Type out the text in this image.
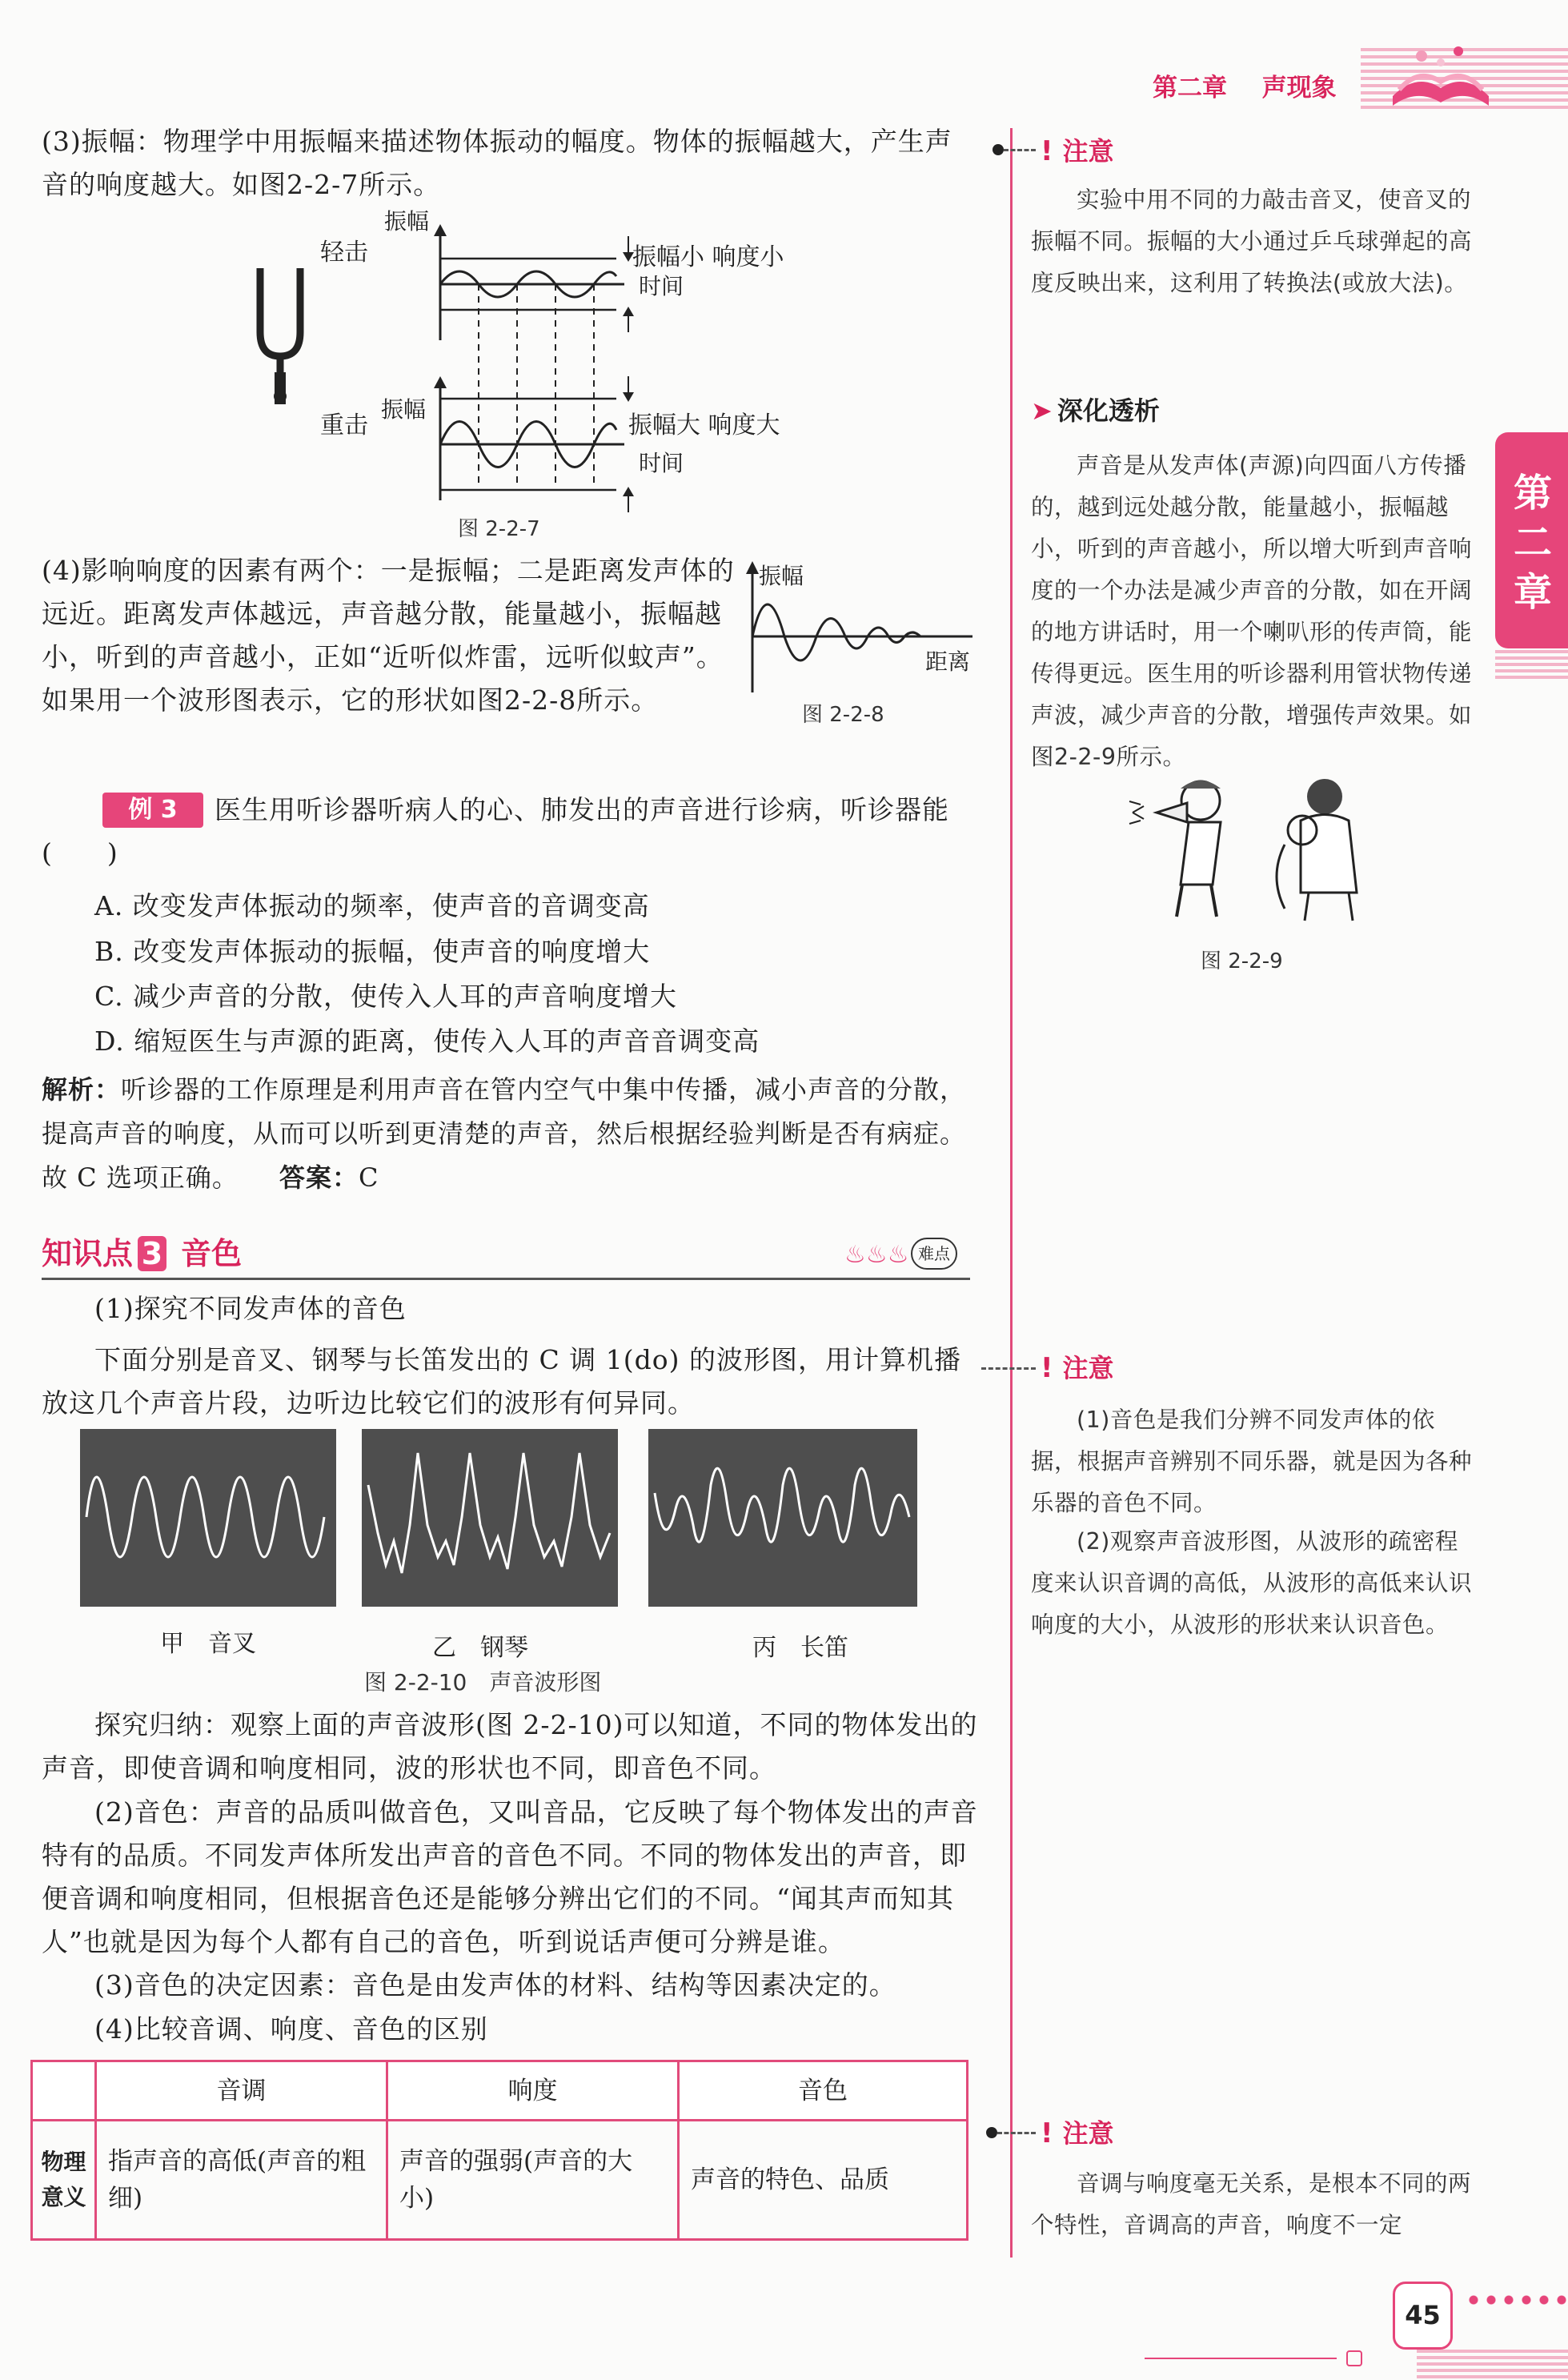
第二章 声现象
第
二
章
(3)振幅：物理学中用振幅来描述物体振动的幅度。物体的振幅越大，产生声音的响度越大。如图2-2-7所示。
轻击
振幅
振幅小 响度小
时间
重击
振幅
振幅大 响度大
时间
图 2-2-7
(4)影响响度的因素有两个：一是振幅；二是距离发声体的远近。距离发声体越远，声音越分散，能量越小，振幅越小，听到的声音越小，正如“近听似炸雷，远听似蚊声”。如果用一个波形图表示，它的形状如图2-2-8所示。
振幅
距离
图 2-2-8
例 3	医生用听诊器听病人的心、肺发出的声音进行诊病，听诊器能(　　)
A. 改变发声体振动的频率，使声音的音调变高
B. 改变发声体振动的振幅，使声音的响度增大
C. 减少声音的分散，使传入人耳的声音响度增大
D. 缩短医生与声源的距离，使传入人耳的声音音调变高
解析：听诊器的工作原理是利用声音在管内空气中集中传播，减小声音的分散，提高声音的响度，从而可以听到更清楚的声音，然后根据经验判断是否有病症。故 C 选项正确。 答案：C
知识点 3 音色	♨♨♨ 难点
(1)探究不同发声体的音色
下面分别是音叉、钢琴与长笛发出的 C 调 1(do) 的波形图，用计算机播放这几个声音片段，边听边比较它们的波形有何异同。
甲　音叉	乙　钢琴	丙　长笛
图 2-2-10　声音波形图
探究归纳：观察上面的声音波形(图 2-2-10)可以知道，不同的物体发出的声音，即使音调和响度相同，波的形状也不同，即音色不同。
(2)音色：声音的品质叫做音色，又叫音品，它反映了每个物体发出的声音特有的品质。不同发声体所发出声音的音色不同。不同的物体发出的声音，即便音调和响度相同，但根据音色还是能够分辨出它们的不同。“闻其声而知其人”也就是因为每个人都有自己的音色，听到说话声便可分辨是谁。
(3)音色的决定因素：音色是由发声体的材料、结构等因素决定的。
(4)比较音调、响度、音色的区别
	音调	响度	音色
物理意义	指声音的高低(声音的粗细)	声音的强弱(声音的大小)	声音的特色、品质
! 注意
实验中用不同的力敲击音叉，使音叉的振幅不同。振幅的大小通过乒乓球弹起的高度反映出来，这利用了转换法(或放大法)。
➤ 深化透析
声音是从发声体(声源)向四面八方传播的，越到远处越分散，能量越小，振幅越小，听到的声音越小，所以增大听到声音响度的一个办法是减少声音的分散，如在开阔的地方讲话时，用一个喇叭形的传声筒，能传得更远。医生用的听诊器利用管状物传递声波，减少声音的分散，增强传声效果。如图2-2-9所示。
图 2-2-9
! 注意
(1)音色是我们分辨不同发声体的依据，根据声音辨别不同乐器，就是因为各种乐器的音色不同。
(2)观察声音波形图，从波形的疏密程度来认识音调的高低，从波形的高低来认识响度的大小，从波形的形状来认识音色。
! 注意
音调与响度毫无关系，是根本不同的两个特性，音调高的声音，响度不一定
45
